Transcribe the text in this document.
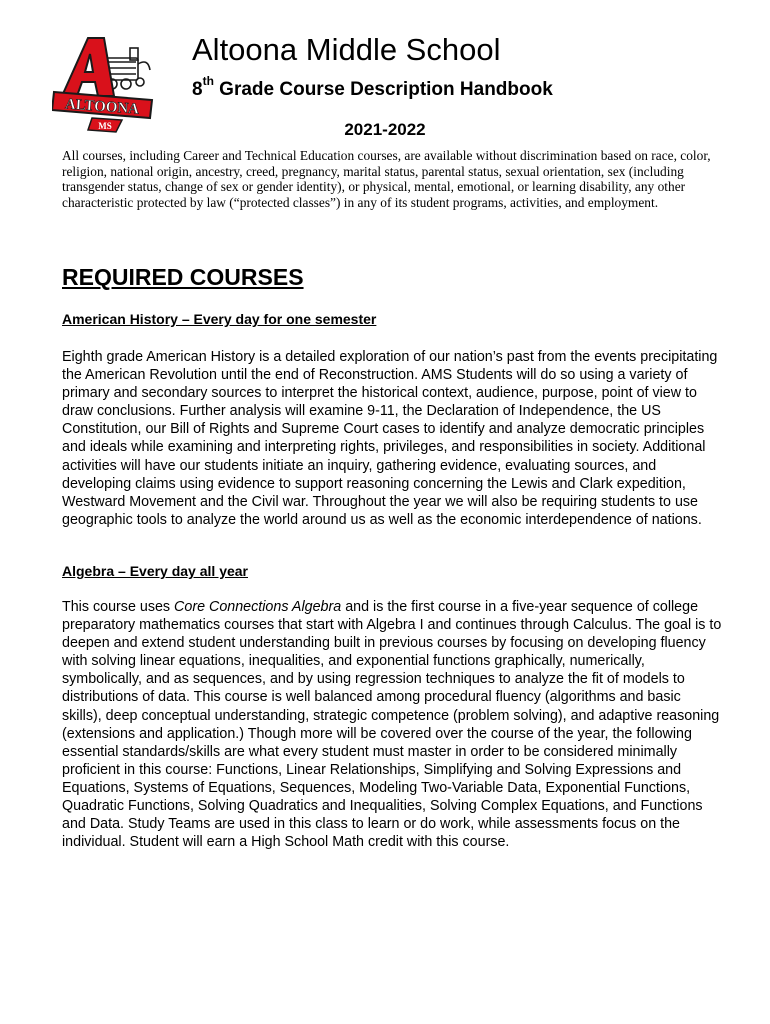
ALTOONA
MS
Altoona Middle School
8th Grade Course Description Handbook
2021-2022
All courses, including Career and Technical Education courses, are available without discrimination based on race, color, religion, national origin, ancestry, creed, pregnancy, marital status, parental status, sexual orientation, sex (including transgender status, change of sex or gender identity), or physical, mental, emotional, or learning disability, any other characteristic protected by law (“protected classes”) in any of its student programs, activities, and employment.
REQUIRED COURSES
American History – Every day for one semester
Eighth grade American History is a detailed exploration of our nation’s past from the events precipitating the American Revolution until the end of Reconstruction. AMS Students will do so using a variety of primary and secondary sources to interpret the historical context, audience, purpose, point of view to draw conclusions. Further analysis will examine 9-11, the Declaration of Independence, the US Constitution, our Bill of Rights and Supreme Court cases to identify and analyze democratic principles and ideals while examining and interpreting rights, privileges, and responsibilities in society. Additional activities will have our students initiate an inquiry, gathering evidence, evaluating sources, and developing claims using evidence to support reasoning concerning the Lewis and Clark expedition, Westward Movement and the Civil war. Throughout the year we will also be requiring students to use geographic tools to analyze the world around us as well as the economic interdependence of nations.
Algebra – Every day all year
This course uses Core Connections Algebra and is the first course in a five-year sequence of college preparatory mathematics courses that start with Algebra I and continues through Calculus. The goal is to deepen and extend student understanding built in previous courses by focusing on developing fluency with solving linear equations, inequalities, and exponential functions graphically, numerically, symbolically, and as sequences, and by using regression techniques to analyze the fit of models to distributions of data. This course is well balanced among procedural fluency (algorithms and basic skills), deep conceptual understanding, strategic competence (problem solving), and adaptive reasoning (extensions and application.) Though more will be covered over the course of the year, the following essential standards/skills are what every student must master in order to be considered minimally proficient in this course: Functions, Linear Relationships, Simplifying and Solving Expressions and Equations, Systems of Equations, Sequences, Modeling Two-Variable Data, Exponential Functions, Quadratic Functions, Solving Quadratics and Inequalities, Solving Complex Equations, and Functions and Data. Study Teams are used in this class to learn or do work, while assessments focus on the individual. Student will earn a High School Math credit with this course.
